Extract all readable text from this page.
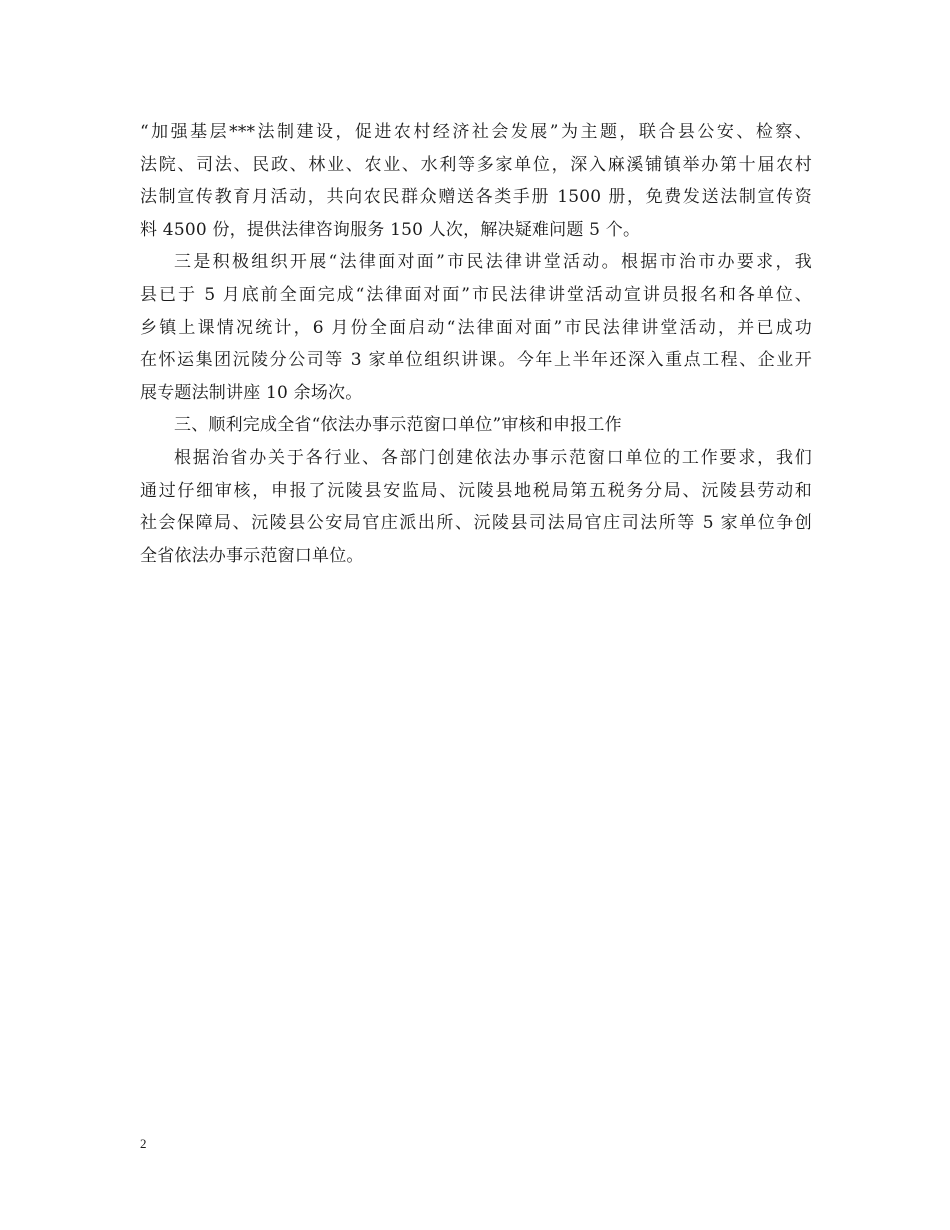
“加强基层***法制建设，促进农村经济社会发展”为主题，联合县公安、检察、
法院、司法、民政、林业、农业、水利等多家单位，深入麻溪铺镇举办第十届农村
法制宣传教育月活动，共向农民群众赠送各类手册 1500 册，免费发送法制宣传资
料 4500 份，提供法律咨询服务 150 人次，解决疑难问题 5 个。

三是积极组织开展“法律面对面”市民法律讲堂活动。根据市治市办要求，我
县已于 5 月底前全面完成“法律面对面”市民法律讲堂活动宣讲员报名和各单位、
乡镇上课情况统计，6 月份全面启动“法律面对面”市民法律讲堂活动，并已成功
在怀运集团沅陵分公司等 3 家单位组织讲课。今年上半年还深入重点工程、企业开
展专题法制讲座 10 余场次。

三、顺利完成全省“依法办事示范窗口单位”审核和申报工作

根据治省办关于各行业、各部门创建依法办事示范窗口单位的工作要求，我们
通过仔细审核，申报了沅陵县安监局、沅陵县地税局第五税务分局、沅陵县劳动和
社会保障局、沅陵县公安局官庄派出所、沅陵县司法局官庄司法所等 5 家单位争创
全省依法办事示范窗口单位。

2
